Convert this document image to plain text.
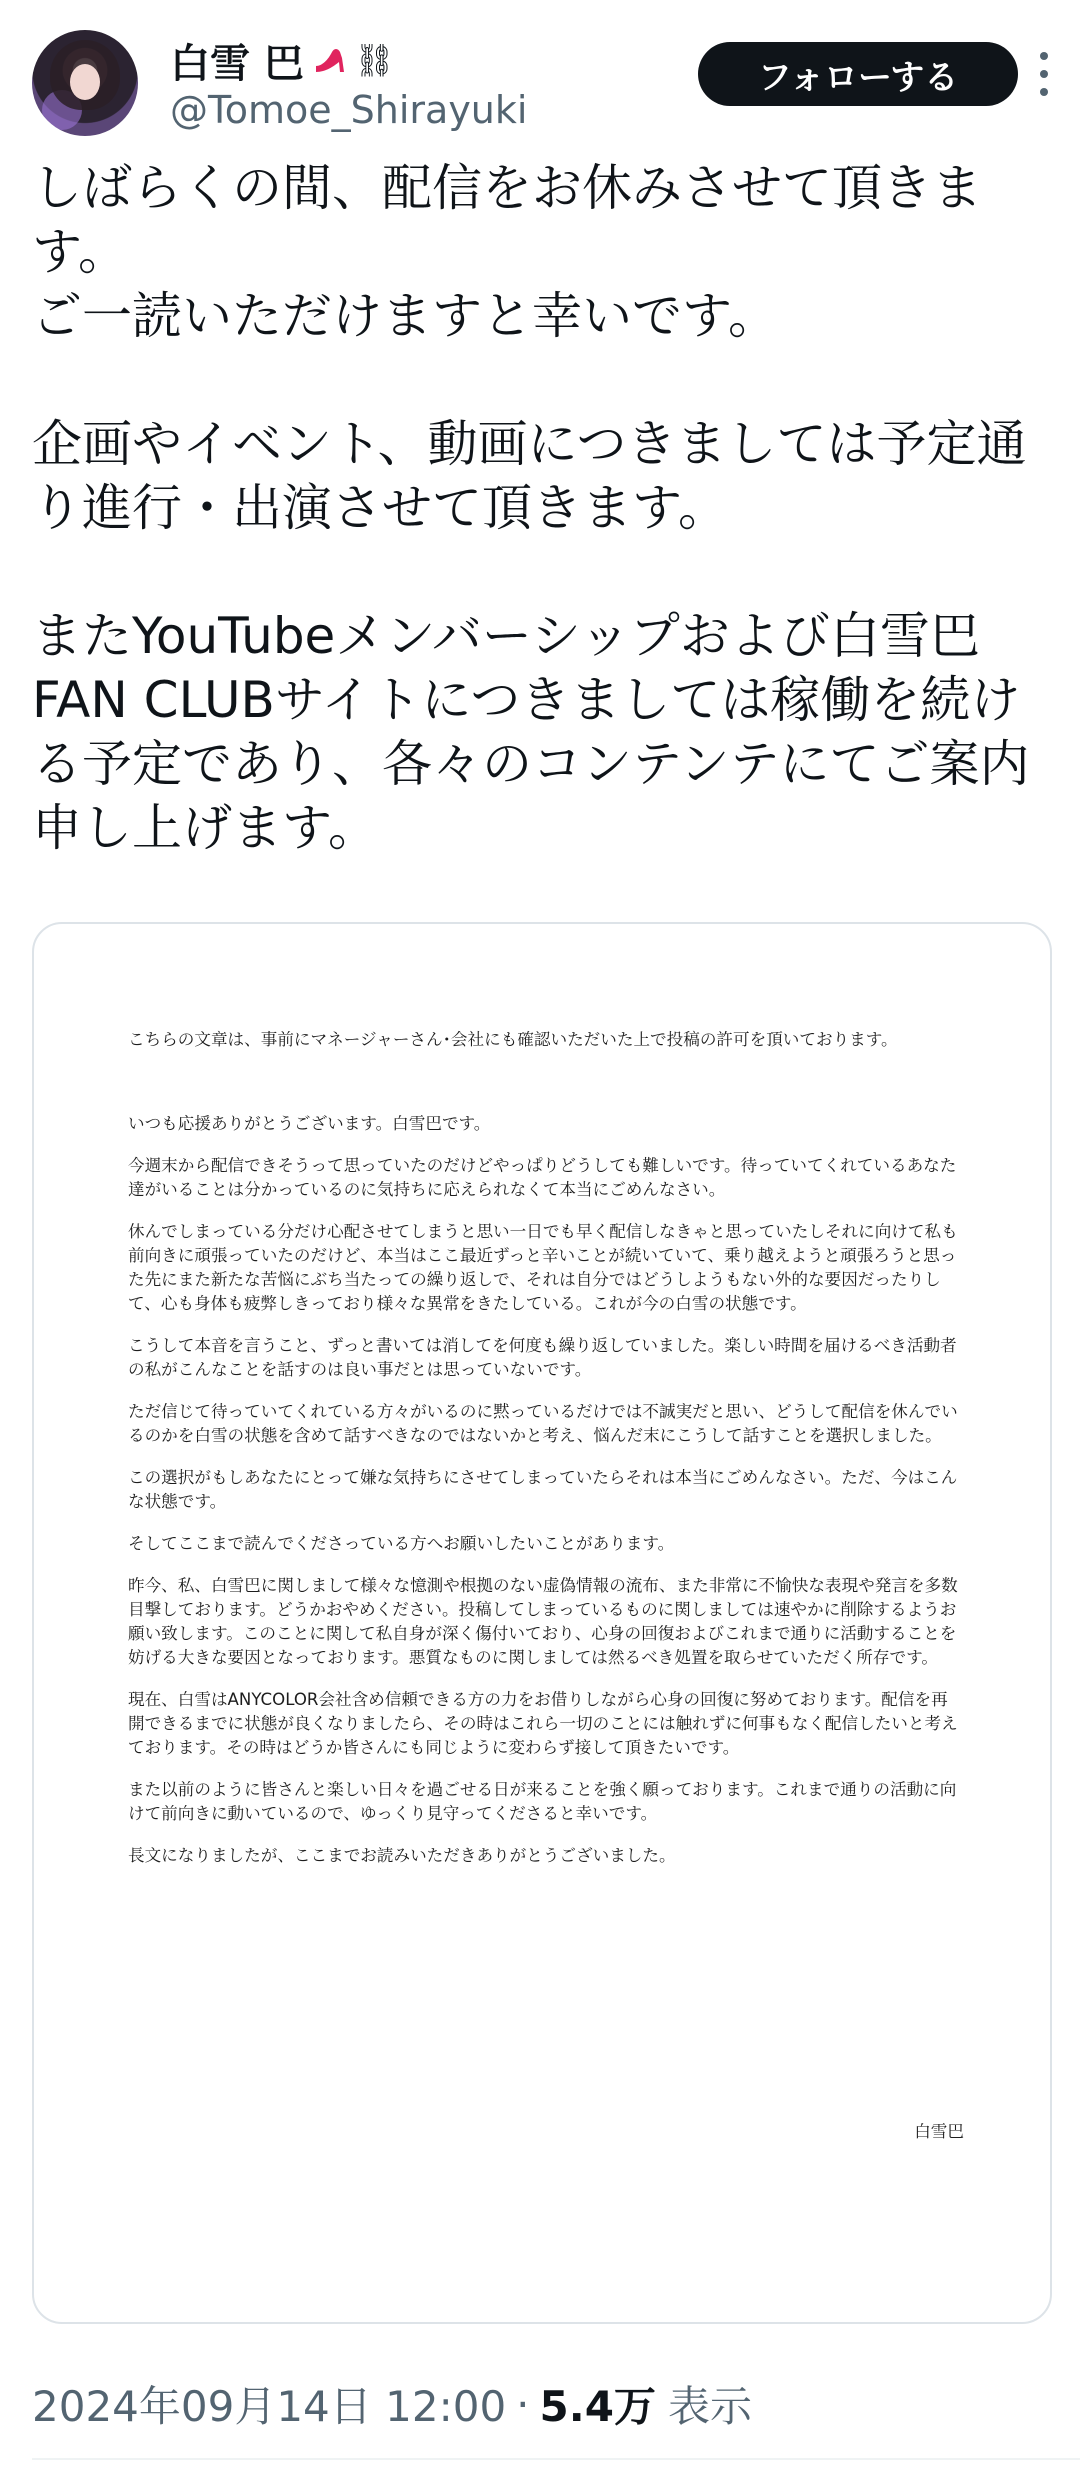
白雪 巴 ⛓
@Tomoe_Shirayuki
フォローする

しばらくの間、配信をお休みさせて頂きます。
ご一読いただけますと幸いです。

企画やイベント、動画につきましては予定通り進行・出演させて頂きます。

またYouTubeメンバーシップおよび白雪巴FAN CLUBサイトにつきましては稼働を続ける予定であり、各々のコンテンテにてご案内申し上げます。

こちらの文章は、事前にマネージャーさん･会社にも確認いただいた上で投稿の許可を頂いております。

いつも応援ありがとうございます。白雪巴です。

今週末から配信できそうって思っていたのだけどやっぱりどうしても難しいです。待っていてくれているあなた達がいることは分かっているのに気持ちに応えられなくて本当にごめんなさい。

休んでしまっている分だけ心配させてしまうと思い一日でも早く配信しなきゃと思っていたしそれに向けて私も前向きに頑張っていたのだけど、本当はここ最近ずっと辛いことが続いていて、乗り越えようと頑張ろうと思った先にまた新たな苦悩にぶち当たっての繰り返しで、それは自分ではどうしようもない外的な要因だったりして、心も身体も疲弊しきっており様々な異常をきたしている。これが今の白雪の状態です。

こうして本音を言うこと、ずっと書いては消してを何度も繰り返していました。楽しい時間を届けるべき活動者の私がこんなことを話すのは良い事だとは思っていないです。

ただ信じて待っていてくれている方々がいるのに黙っているだけでは不誠実だと思い、どうして配信を休んでいるのかを白雪の状態を含めて話すべきなのではないかと考え、悩んだ末にこうして話すことを選択しました。

この選択がもしあなたにとって嫌な気持ちにさせてしまっていたらそれは本当にごめんなさい。ただ、今はこんな状態です。

そしてここまで読んでくださっている方へお願いしたいことがあります。

昨今、私、白雪巴に関しまして様々な憶測や根拠のない虚偽情報の流布、また非常に不愉快な表現や発言を多数目撃しております。どうかおやめください。投稿してしまっているものに関しましては速やかに削除するようお願い致します。このことに関して私自身が深く傷付いており、心身の回復およびこれまで通りに活動することを妨げる大きな要因となっております。悪質なものに関しましては然るべき処置を取らせていただく所存です。

現在、白雪はANYCOLOR会社含め信頼できる方の力をお借りしながら心身の回復に努めております。配信を再開できるまでに状態が良くなりましたら、その時はこれら一切のことには触れずに何事もなく配信したいと考えております。その時はどうか皆さんにも同じように変わらず接して頂きたいです。

また以前のように皆さんと楽しい日々を過ごせる日が来ることを強く願っております。これまで通りの活動に向けて前向きに動いているので、ゆっくり見守ってくださると幸いです。

長文になりましたが、ここまでお読みいただきありがとうございました。

白雪巴
2024年09月14日 12:00 · 5.4万 表示
